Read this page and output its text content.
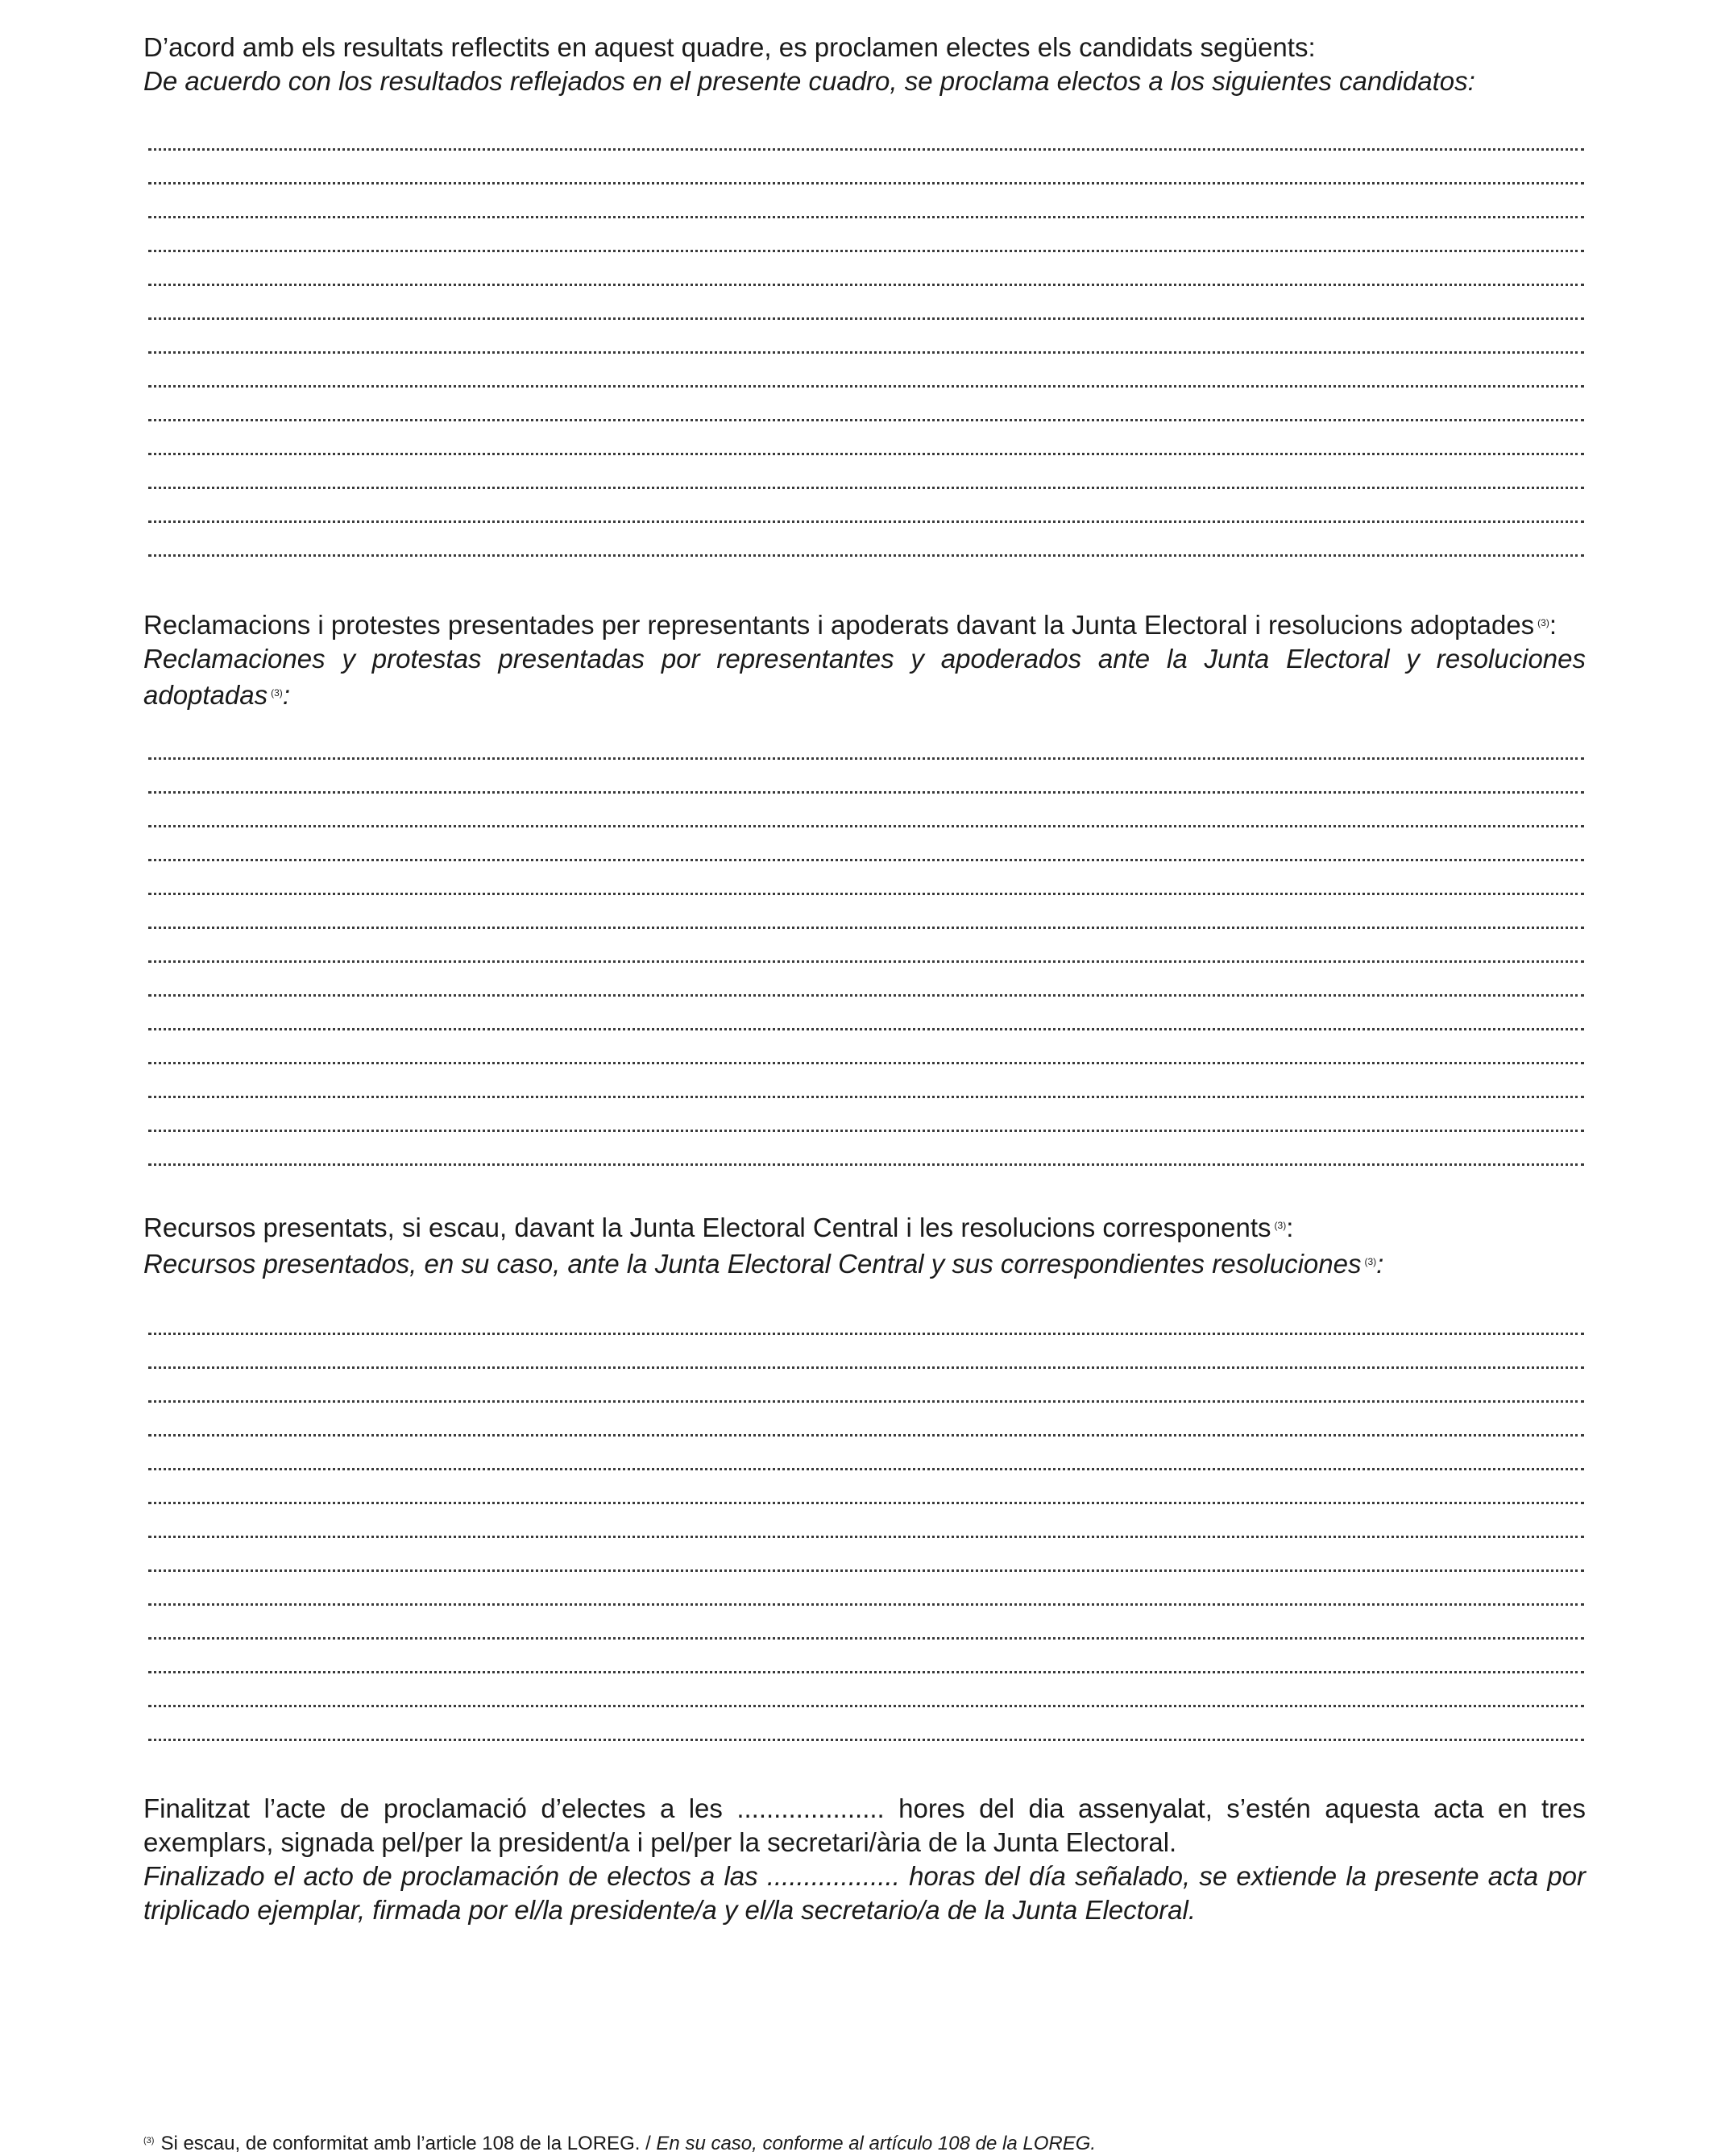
D’acord amb els resultats reflectits en aquest quadre, es proclamen electes els candidats següents:
De acuerdo con los resultados reflejados en el presente cuadro, se proclama electos a los siguientes candidatos:

Reclamacions i protestes presentades per representants i apoderats davant la Junta Electoral i resolucions adoptades $^{(3)}$:
Reclamaciones y protestas presentadas por representantes y apoderados ante la Junta Electoral y resoluciones adoptadas $^{(3)}$:

Recursos presentats, si escau, davant la Junta Electoral Central i les resolucions corresponents $^{(3)}$:
Recursos presentados, en su caso, ante la Junta Electoral Central y sus correspondientes resoluciones $^{(3)}$:

Finalitzat l’acte de proclamació d’electes a les .................... hores del dia assenyalat, s’estén aquesta acta en tres exemplars, signada pel/per la president/a i pel/per la secretari/ària de la Junta Electoral.

Finalizado el acto de proclamación de electos a las .................. horas del día señalado, se extiende la presente acta por triplicado ejemplar, firmada por el/la presidente/a y el/la secretario/a de la Junta Electoral.

$^{(3)}$ Si escau, de conformitat amb l’article 108 de la LOREG. / En su caso, conforme al artículo 108 de la LOREG.
